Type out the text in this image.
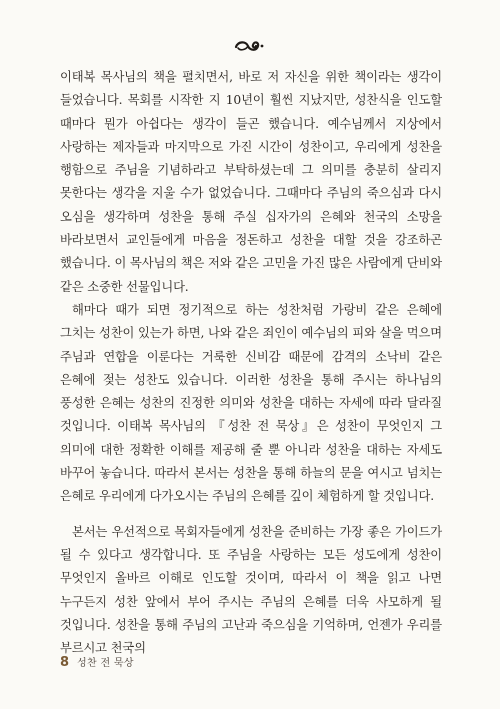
이태복 목사님의 책을 펼치면서, 바로 저 자신을 위한 책이라는 생각이 들었습니다. 목회를 시작한 지 10년이 훨씬 지났지만, 성찬식을 인도할 때마다 뭔가 아쉽다는 생각이 들곤 했습니다. 예수님께서 지상에서 사랑하는 제자들과 마지막으로 가진 시간이 성찬이고, 우리에게 성찬을 행함으로 주님을 기념하라고 부탁하셨는데 그 의미를 충분히 살리지 못한다는 생각을 지울 수가 없었습니다. 그때마다 주님의 죽으심과 다시 오심을 생각하며 성찬을 통해 주실 십자가의 은혜와 천국의 소망을 바라보면서 교인들에게 마음을 정돈하고 성찬을 대할 것을 강조하곤 했습니다. 이 목사님의 책은 저와 같은 고민을 가진 많은 사람에게 단비와 같은 소중한 선물입니다.

해마다 때가 되면 정기적으로 하는 성찬처럼 가랑비 같은 은혜에 그치는 성찬이 있는가 하면, 나와 같은 죄인이 예수님의 피와 살을 먹으며 주님과 연합을 이룬다는 거룩한 신비감 때문에 감격의 소낙비 같은 은혜에 젖는 성찬도 있습니다. 이러한 성찬을 통해 주시는 하나님의 풍성한 은혜는 성찬의 진정한 의미와 성찬을 대하는 자세에 따라 달라질 것입니다. 이태복 목사님의 『성찬 전 묵상』은 성찬이 무엇인지 그 의미에 대한 정확한 이해를 제공해 줄 뿐 아니라 성찬을 대하는 자세도 바꾸어 놓습니다. 따라서 본서는 성찬을 통해 하늘의 문을 여시고 넘치는 은혜로 우리에게 다가오시는 주님의 은혜를 깊이 체험하게 할 것입니다.

본서는 우선적으로 목회자들에게 성찬을 준비하는 가장 좋은 가이드가 될 수 있다고 생각합니다. 또 주님을 사랑하는 모든 성도에게 성찬이 무엇인지 올바르 이해로 인도할 것이며, 따라서 이 책을 읽고 나면 누구든지 성찬 앞에서 부어 주시는 주님의 은혜를 더욱 사모하게 될 것입니다. 성찬을 통해 주님의 고난과 죽으심을 기억하며, 언젠가 우리를 부르시고 천국의

8 성찬 전 묵상
